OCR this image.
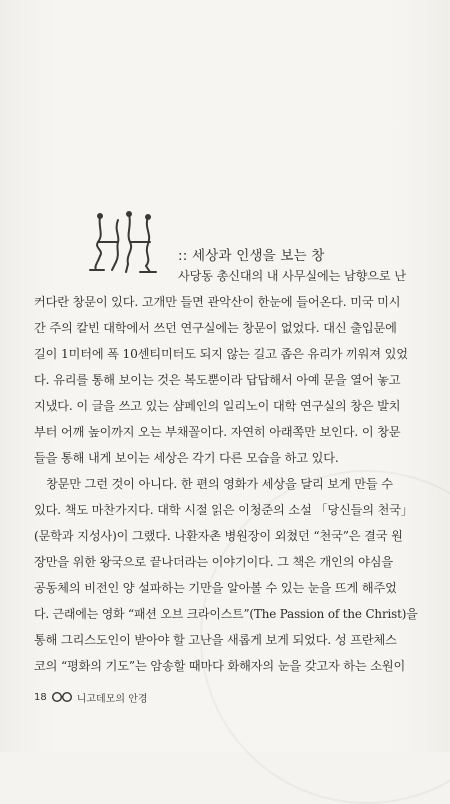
:: 세상과 인생을 보는 창
사당동 총신대의 내 사무실에는 남향으로 난
커다란 창문이 있다. 고개만 들면 관악산이 한눈에 들어온다. 미국 미시
간 주의 칼빈 대학에서 쓰던 연구실에는 창문이 없었다. 대신 출입문에
길이 1미터에 폭 10센티미터도 되지 않는 길고 좁은 유리가 끼워져 있었
다. 유리를 통해 보이는 것은 복도뿐이라 답답해서 아예 문을 열어 놓고
지냈다. 이 글을 쓰고 있는 샴페인의 일리노이 대학 연구실의 창은 발치
부터 어깨 높이까지 오는 부채꼴이다. 자연히 아래쪽만 보인다. 이 창문
들을 통해 내게 보이는 세상은 각기 다른 모습을 하고 있다.
창문만 그런 것이 아니다. 한 편의 영화가 세상을 달리 보게 만들 수
있다. 책도 마찬가지다. 대학 시절 읽은 이청준의 소설 「당신들의 천국」
(문학과 지성사)이 그랬다. 나환자촌 병원장이 외쳤던 “천국”은 결국 원
장만을 위한 왕국으로 끝나더라는 이야기이다. 그 책은 개인의 야심을
공동체의 비전인 양 설파하는 기만을 알아볼 수 있는 눈을 뜨게 해주었
다. 근래에는 영화 “패션 오브 크라이스트”(The Passion of the Christ)을
통해 그리스도인이 받아야 할 고난을 새롭게 보게 되었다. 성 프란체스
코의 “평화의 기도”는 암송할 때마다 화해자의 눈을 갖고자 하는 소원이
18	니고데모의 안경
